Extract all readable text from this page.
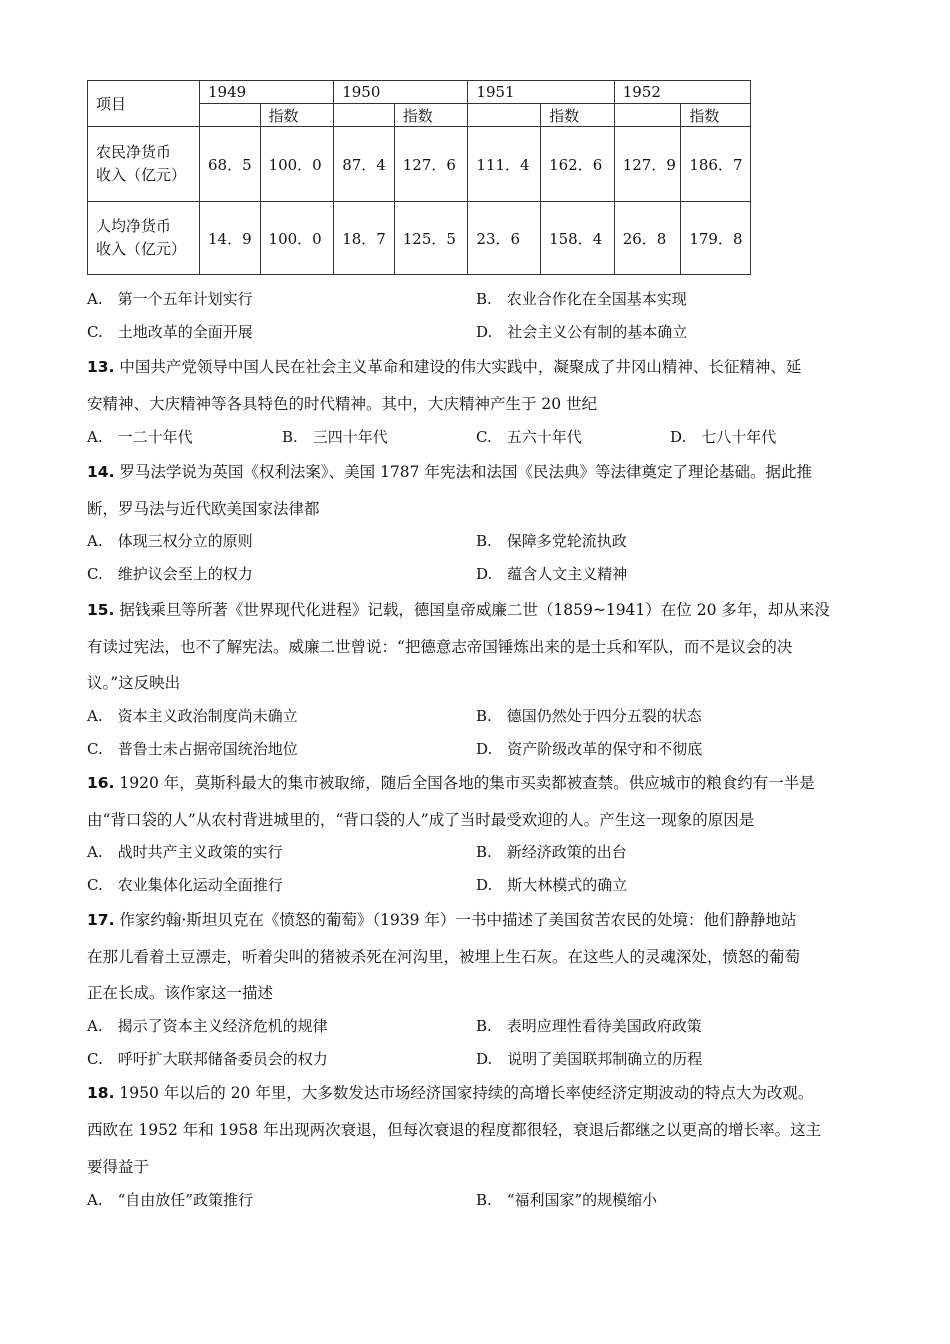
项目	1949		1950		1951		1952	
		指数		指数		指数		指数
农民净货币
收入（亿元）	68．5	100．0	87．4	127．6	111．4	162．6	127．9	186．7
人均净货币
收入（亿元）	14．9	100．0	18．7	125．5	23．6	158．4	26．8	179．8
A.　第一个五年计划实行	B.　农业合作化在全国基本实现
C.　土地改革的全面开展	D.　社会主义公有制的基本确立
13. 中国共产党领导中国人民在社会主义革命和建设的伟大实践中，凝聚成了井冈山精神、长征精神、延
安精神、大庆精神等各具特色的时代精神。其中，大庆精神产生于 20 世纪
A.　一二十年代	B.　三四十年代	C.　五六十年代	D.　七八十年代
14. 罗马法学说为英国《权利法案》、美国 1787 年宪法和法国《民法典》等法律奠定了理论基础。据此推
断，罗马法与近代欧美国家法律都
A.　体现三权分立的原则	B.　保障多党轮流执政
C.　维护议会至上的权力	D.　蕴含人文主义精神
15. 据钱乘旦等所著《世界现代化进程》记载，德国皇帝威廉二世（1859~1941）在位 20 多年，却从来没
有读过宪法，也不了解宪法。威廉二世曾说：“把德意志帝国锤炼出来的是士兵和军队，而不是议会的决
议。”这反映出
A.　资本主义政治制度尚未确立	B.　德国仍然处于四分五裂的状态
C.　普鲁士未占据帝国统治地位	D.　资产阶级改革的保守和不彻底
16. 1920 年，莫斯科最大的集市被取缔，随后全国各地的集市买卖都被查禁。供应城市的粮食约有一半是
由“背口袋的人”从农村背进城里的，“背口袋的人”成了当时最受欢迎的人。产生这一现象的原因是
A.　战时共产主义政策的实行	B.　新经济政策的出台
C.　农业集体化运动全面推行	D.　斯大林模式的确立
17. 作家约翰·斯坦贝克在《愤怒的葡萄》（1939 年）一书中描述了美国贫苦农民的处境：他们静静地站
在那儿看着土豆漂走，听着尖叫的猪被杀死在河沟里，被埋上生石灰。在这些人的灵魂深处，愤怒的葡萄
正在长成。该作家这一描述
A.　揭示了资本主义经济危机的规律	B.　表明应理性看待美国政府政策
C.　呼吁扩大联邦储备委员会的权力	D.　说明了美国联邦制确立的历程
18. 1950 年以后的 20 年里，大多数发达市场经济国家持续的高增长率使经济定期波动的特点大为改观。
西欧在 1952 年和 1958 年出现两次衰退，但每次衰退的程度都很轻，衰退后都继之以更高的增长率。这主
要得益于
A.　“自由放任”政策推行	B.　“福利国家”的规模缩小
